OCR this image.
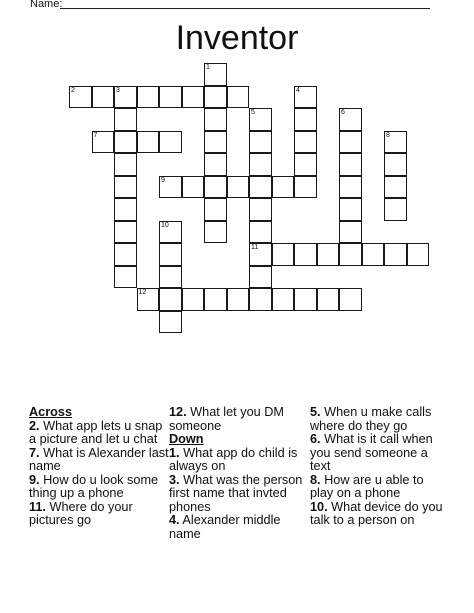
Name:
Inventor
2	3
7
9
11
12
1
4
5	6
8
10
Across

2. What app lets u snap a picture and let u chat

7. What is Alexander last name

9. How do u look some thing up a phone

11. Where do your pictures go

12. What let you DM someone

Down

1. What app do child is always on

3. What was the person first name that invted phones

4. Alexander middle name

5. When u make calls where do they go

6. What is it call when you send someone a text

8. How are u able to play on a phone

10. What device do you talk to a person on
